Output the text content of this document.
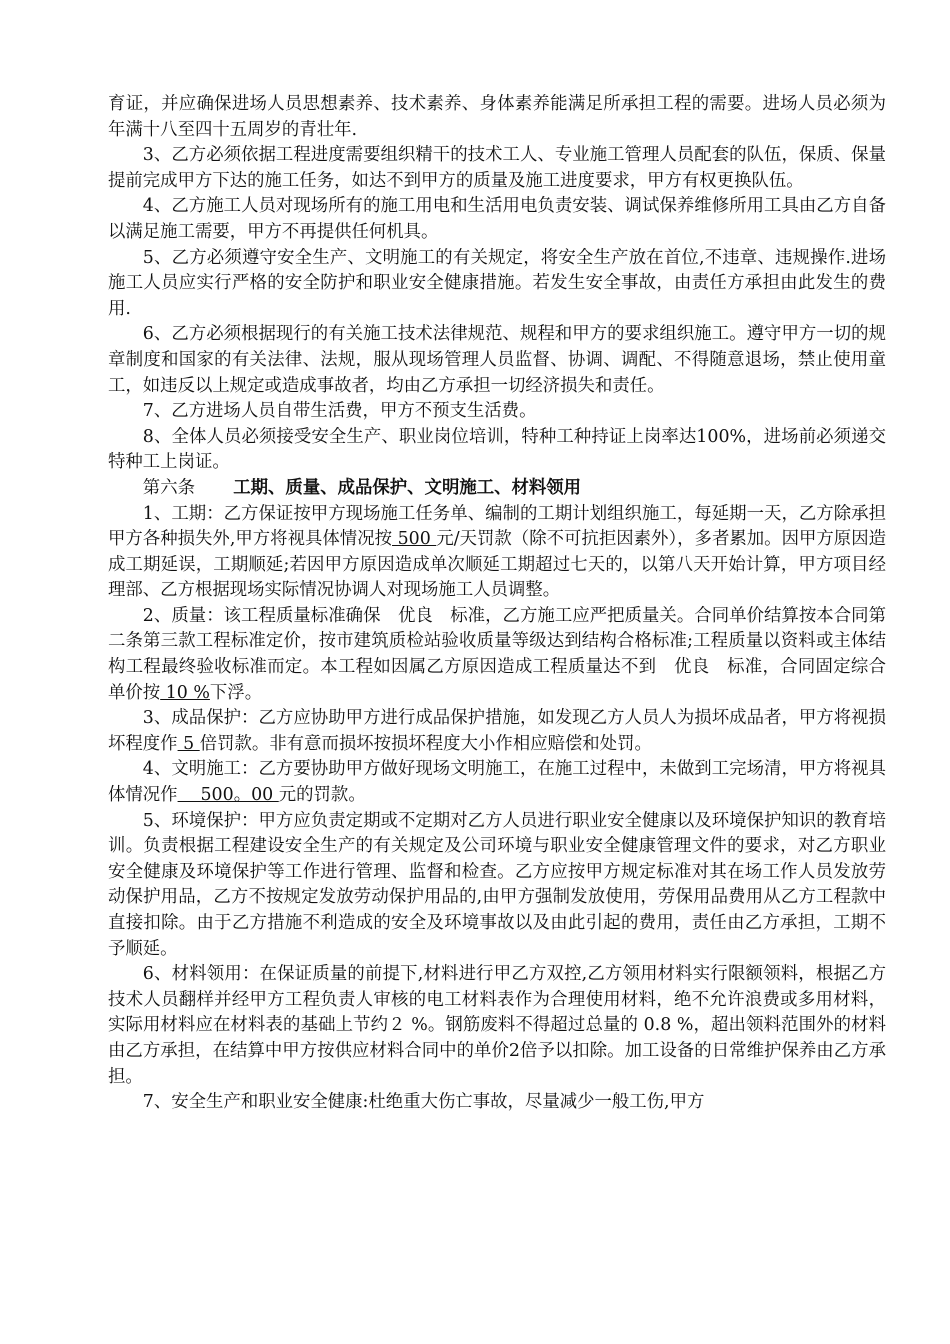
育证，并应确保进场人员思想素养、技术素养、身体素养能满足所承担工程的需要。进场人员必须为年满十八至四十五周岁的青壮年.

3、乙方必须依据工程进度需要组织精干的技术工人、专业施工管理人员配套的队伍，保质、保量提前完成甲方下达的施工任务，如达不到甲方的质量及施工进度要求，甲方有权更换队伍。

4、乙方施工人员对现场所有的施工用电和生活用电负责安装、调试保养维修所用工具由乙方自备以满足施工需要，甲方不再提供任何机具。

5、乙方必须遵守安全生产、文明施工的有关规定，将安全生产放在首位,不违章、违规操作.进场施工人员应实行严格的安全防护和职业安全健康措施。若发生安全事故，由责任方承担由此发生的费用.

6、乙方必须根据现行的有关施工技术法律规范、规程和甲方的要求组织施工。遵守甲方一切的规章制度和国家的有关法律、法规，服从现场管理人员监督、协调、调配、不得随意退场，禁止使用童工，如违反以上规定或造成事故者，均由乙方承担一切经济损失和责任。

7、乙方进场人员自带生活费，甲方不预支生活费。

8、全体人员必须接受安全生产、职业岗位培训，特种工种持证上岗率达100%，进场前必须递交特种工上岗证。

第六条 工期、质量、成品保护、文明施工、材料领用

1、工期：乙方保证按甲方现场施工任务单、编制的工期计划组织施工，每延期一天，乙方除承担甲方各种损失外,甲方将视具体情况按 500 元/天罚款（除不可抗拒因素外），多者累加。因甲方原因造成工期延误，工期顺延;若因甲方原因造成单次顺延工期超过七天的，以第八天开始计算，甲方项目经理部、乙方根据现场实际情况协调人对现场施工人员调整。

2、质量：该工程质量标准确保　优良　标准，乙方施工应严把质量关。合同单价结算按本合同第二条第三款工程标准定价，按市建筑质检站验收质量等级达到结构合格标准;工程质量以资料或主体结构工程最终验收标准而定。本工程如因属乙方原因造成工程质量达不到　优良　标准，合同固定综合单价按 10 %下浮。

3、成品保护：乙方应协助甲方进行成品保护措施，如发现乙方人员人为损坏成品者，甲方将视损坏程度作 5 倍罚款。非有意而损坏按损坏程度大小作相应赔偿和处罚。

4、文明施工：乙方要协助甲方做好现场文明施工，在施工过程中，未做到工完场清，甲方将视具体情况作　 500。00 元的罚款。

5、环境保护：甲方应负责定期或不定期对乙方人员进行职业安全健康以及环境保护知识的教育培训。负责根据工程建设安全生产的有关规定及公司环境与职业安全健康管理文件的要求，对乙方职业安全健康及环境保护等工作进行管理、监督和检查。乙方应按甲方规定标准对其在场工作人员发放劳动保护用品，乙方不按规定发放劳动保护用品的,由甲方强制发放使用，劳保用品费用从乙方工程款中直接扣除。由于乙方措施不利造成的安全及环境事故以及由此引起的费用，责任由乙方承担，工期不予顺延。

6、材料领用：在保证质量的前提下,材料进行甲乙方双控,乙方领用材料实行限额领料，根据乙方技术人员翻样并经甲方工程负责人审核的电工材料表作为合理使用材料，绝不允许浪费或多用材料，实际用材料应在材料表的基础上节约２ %。钢筋废料不得超过总量的 0.8 %，超出领料范围外的材料由乙方承担，在结算中甲方按供应材料合同中的单价2倍予以扣除。加工设备的日常维护保养由乙方承担。

7、安全生产和职业安全健康:杜绝重大伤亡事故，尽量减少一般工伤,甲方
